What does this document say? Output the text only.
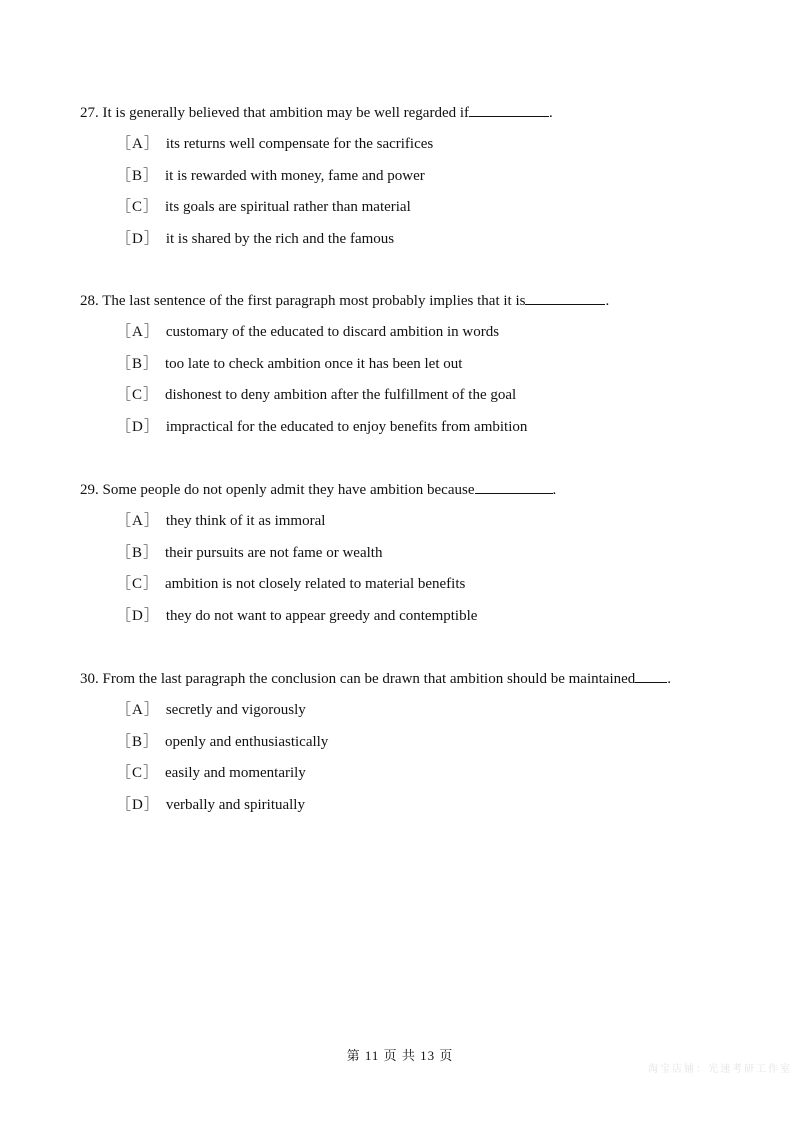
27. It is generally believed that ambition may be well regarded if	.

［A］ its returns well compensate for the sacrifices
［B］ it is rewarded with money, fame and power
［C］ its goals are spiritual rather than material
［D］ it is shared by the rich and the famous

28. The last sentence of the first paragraph most probably implies that it is	.

［A］ customary of the educated to discard ambition in words
［B］ too late to check ambition once it has been let out
［C］ dishonest to deny ambition after the fulfillment of the goal
［D］ impractical for the educated to enjoy benefits from ambition

29. Some people do not openly admit they have ambition because	.

［A］ they think of it as immoral
［B］ their pursuits are not fame or wealth
［C］ ambition is not closely related to material benefits
［D］ they do not want to appear greedy and contemptible

30. From the last paragraph the conclusion can be drawn that ambition should be maintained .

［A］ secretly and vigorously
［B］ openly and enthusiastically
［C］ easily and momentarily
［D］ verbally and spiritually
第 11 页 共 13 页
淘宝店铺：光速考研工作室
